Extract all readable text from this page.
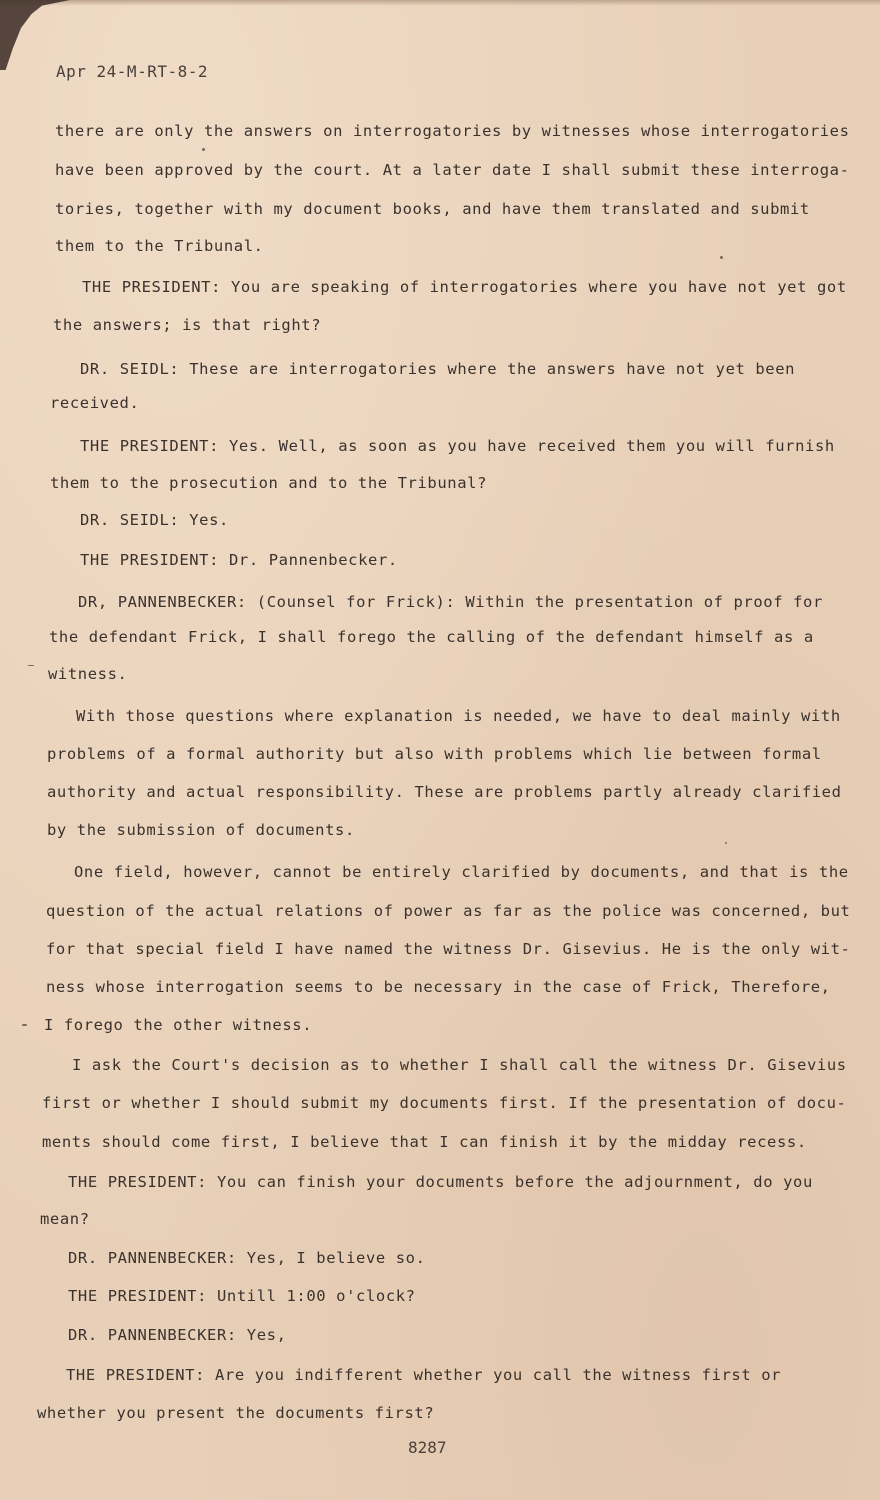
Apr 24-M-RT-8-2
there are only the answers on interrogatories by witnesses whose interrogatories
have been approved by the court. At a later date I shall submit these interroga-
tories, together with my document books, and have them translated and submit
them to the Tribunal.
THE PRESIDENT: You are speaking of interrogatories where you have not yet got
the answers; is that right?
DR. SEIDL: These are interrogatories where the answers have not yet been
received.
THE PRESIDENT: Yes. Well, as soon as you have received them you will furnish
them to the prosecution and to the Tribunal?
DR. SEIDL: Yes.
THE PRESIDENT: Dr. Pannenbecker.
DR, PANNENBECKER: (Counsel for Frick): Within the presentation of proof for
the defendant Frick, I shall forego the calling of the defendant himself as a
witness.
With those questions where explanation is needed, we have to deal mainly with
problems of a formal authority but also with problems which lie between formal
authority and actual responsibility. These are problems partly already clarified
by the submission of documents.
One field, however, cannot be entirely clarified by documents, and that is the
question of the actual relations of power as far as the police was concerned, but
for that special field I have named the witness Dr. Gisevius. He is the only wit-
ness whose interrogation seems to be necessary in the case of Frick, Therefore,
I forego the other witness.
I ask the Court's decision as to whether I shall call the witness Dr. Gisevius
first or whether I should submit my documents first. If the presentation of docu-
ments should come first, I believe that I can finish it by the midday recess.
THE PRESIDENT: You can finish your documents before the adjournment, do you
mean?
DR. PANNENBECKER: Yes, I believe so.
THE PRESIDENT: Untill 1:00 o'clock?
DR. PANNENBECKER: Yes,
THE PRESIDENT: Are you indifferent whether you call the witness first or
whether you present the documents first?
8287
